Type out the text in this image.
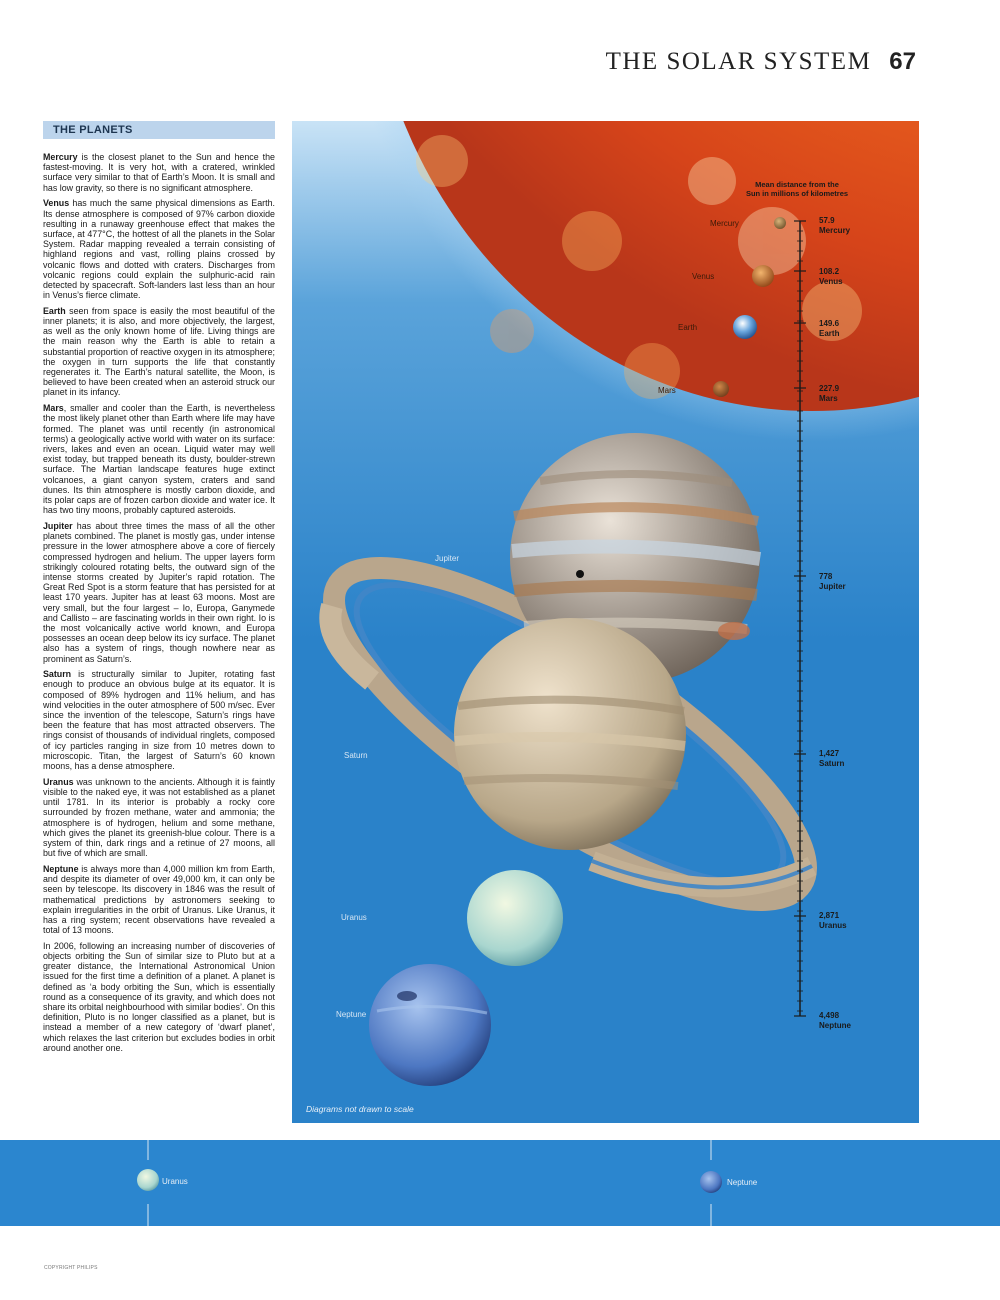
THE SOLAR SYSTEM 67
THE PLANETS

Mercury is the closest planet to the Sun and hence the fastest-moving. It is very hot, with a cratered, wrinkled surface very similar to that of Earth’s Moon. It is small and has low gravity, so there is no significant atmosphere.

Venus has much the same physical dimensions as Earth. Its dense atmosphere is composed of 97% carbon dioxide resulting in a runaway greenhouse effect that makes the surface, at 477°C, the hottest of all the planets in the Solar System. Radar mapping revealed a terrain consisting of highland regions and vast, rolling plains crossed by volcanic flows and dotted with craters. Discharges from volcanic regions could explain the sulphuric-acid rain detected by spacecraft. Soft-landers last less than an hour in Venus’s fierce climate.

Earth seen from space is easily the most beautiful of the inner planets; it is also, and more objectively, the largest, as well as the only known home of life. Living things are the main reason why the Earth is able to retain a substantial proportion of reactive oxygen in its atmosphere; the oxygen in turn supports the life that constantly regenerates it. The Earth’s natural satellite, the Moon, is believed to have been created when an asteroid struck our planet in its infancy.

Mars, smaller and cooler than the Earth, is nevertheless the most likely planet other than Earth where life may have formed. The planet was until recently (in astronomical terms) a geologically active world with water on its surface: rivers, lakes and even an ocean. Liquid water may well exist today, but trapped beneath its dusty, boulder-strewn surface. The Martian landscape features huge extinct volcanoes, a giant canyon system, craters and sand dunes. Its thin atmosphere is mostly carbon dioxide, and its polar caps are of frozen carbon dioxide and water ice. It has two tiny moons, probably captured asteroids.

Jupiter has about three times the mass of all the other planets combined. The planet is mostly gas, under intense pressure in the lower atmosphere above a core of fiercely compressed hydrogen and helium. The upper layers form strikingly coloured rotating belts, the outward sign of the intense storms created by Jupiter’s rapid rotation. The Great Red Spot is a storm feature that has persisted for at least 170 years. Jupiter has at least 63 moons. Most are very small, but the four largest – Io, Europa, Ganymede and Callisto – are fascinating worlds in their own right. Io is the most volcanically active world known, and Europa possesses an ocean deep below its icy surface. The planet also has a system of rings, though nowhere near as prominent as Saturn’s.

Saturn is structurally similar to Jupiter, rotating fast enough to produce an obvious bulge at its equator. It is composed of 89% hydrogen and 11% helium, and has wind velocities in the outer atmosphere of 500 m/sec. Ever since the invention of the telescope, Saturn’s rings have been the feature that has most attracted observers. The rings consist of thousands of individual ringlets, composed of icy particles ranging in size from 10 metres down to microscopic. Titan, the largest of Saturn’s 60 known moons, has a dense atmosphere.

Uranus was unknown to the ancients. Although it is faintly visible to the naked eye, it was not established as a planet until 1781. In its interior is probably a rocky core surrounded by frozen methane, water and ammonia; the atmosphere is of hydrogen, helium and some methane, which gives the planet its greenish-blue colour. There is a system of thin, dark rings and a retinue of 27 moons, all but five of which are small.

Neptune is always more than 4,000 million km from Earth, and despite its diameter of over 49,000 km, it can only be seen by telescope. Its discovery in 1846 was the result of mathematical predictions by astronomers seeking to explain irregularities in the orbit of Uranus. Like Uranus, it has a ring system; recent observations have revealed a total of 13 moons.

In 2006, following an increasing number of discoveries of objects orbiting the Sun of similar size to Pluto but at a greater distance, the International Astronomical Union issued for the first time a definition of a planet. A planet is defined as ‘a body orbiting the Sun, which is essentially round as a consequence of its gravity, and which does not share its orbital neighbourhood with similar bodies’. On this definition, Pluto is no longer classified as a planet, but is instead a member of a new category of ‘dwarf planet’, which relaxes the last criterion but excludes bodies in orbit around another one.

Mean distance from the
Sun in millions of kilometres
Mercury
Venus
Earth
Mars
Jupiter
Saturn
Uranus
Neptune
57.9
Mercury
108.2
Venus
149.6
Earth
227.9
Mars
778
Jupiter
1,427
Saturn
2,871
Uranus
4,498
Neptune
Diagrams not drawn to scale
Uranus	Neptune
COPYRIGHT PHILIPS
